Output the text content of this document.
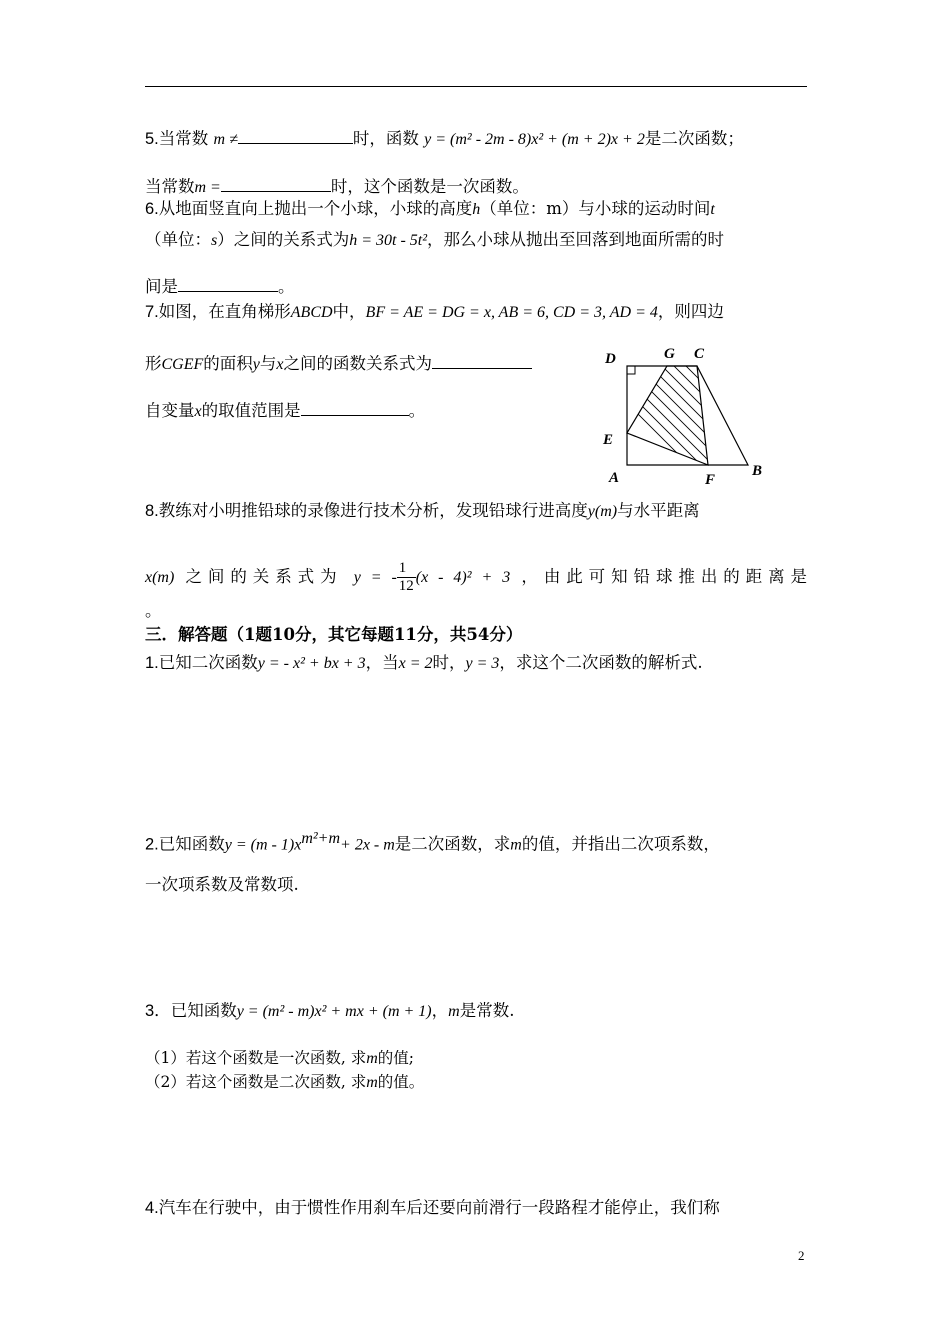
5.当常数 m ≠	时，函数 y = (m² - 2m - 8)x² + (m + 2)x + 2是二次函数；
当常数m =	时，这个函数是一次函数。
6.从地面竖直向上抛出一个小球，小球的高度h（单位：m）与小球的运动时间t
（单位：s）之间的关系式为h = 30t - 5t²，那么小球从抛出至回落到地面所需的时
间是	。
7.如图，在直角梯形ABCD中，BF = AE = DG = x, AB = 6, CD = 3, AD = 4，则四边
形CGEF的面积y与x之间的函数关系式为
自变量x的取值范围是	。
D	G C
E
A	F
B
8.教练对小明推铅球的录像进行技术分析，发现铅球行进高度y(m)与水平距离
x(m) 之间的关系式为 y = - $\frac{1}{12} (x - 4)^2 + 3$ ，由此可知铅球推出的距离是
。
三．解答题（1题10分，其它每题11分，共54分）
1.已知二次函数y = - x² + bx + 3，当x = 2时，y = 3，求这个二次函数的解析式.
2.已知函数$y = (m - 1)x^{m^2+m}+ 2x - m$是二次函数，求m的值，并指出二次项系数，
一次项系数及常数项.
3．已知函数y = (m² - m)x² + mx + (m + 1)，m是常数.
（1）若这个函数是一次函数, 求m的值;
（2）若这个函数是二次函数, 求m的值。
4.汽车在行驶中，由于惯性作用刹车后还要向前滑行一段路程才能停止，我们称
2
